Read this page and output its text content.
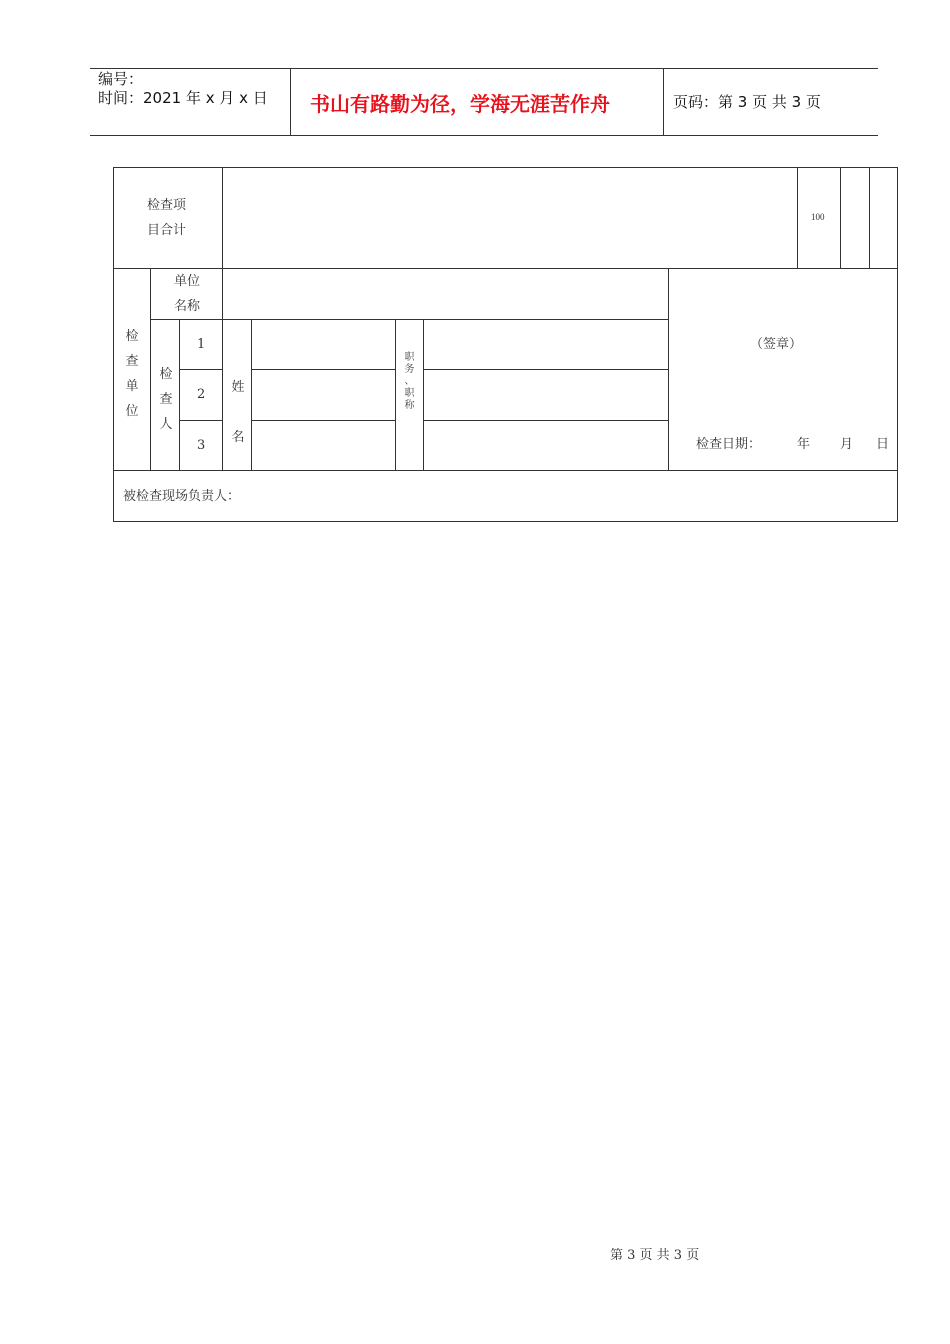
编号：
时间：2021 年 x 月 x 日 书山有路勤为径，学海无涯苦作舟	页码：第 3 页 共 3 页
检查项
目合计
100
检
查
单
位
单位
名称
检
查
人
1
2
3
姓
名
职
务
、
职
称
（签章）
检查日期：	年 月 日
被检查现场负责人：
第 3 页 共 3 页
